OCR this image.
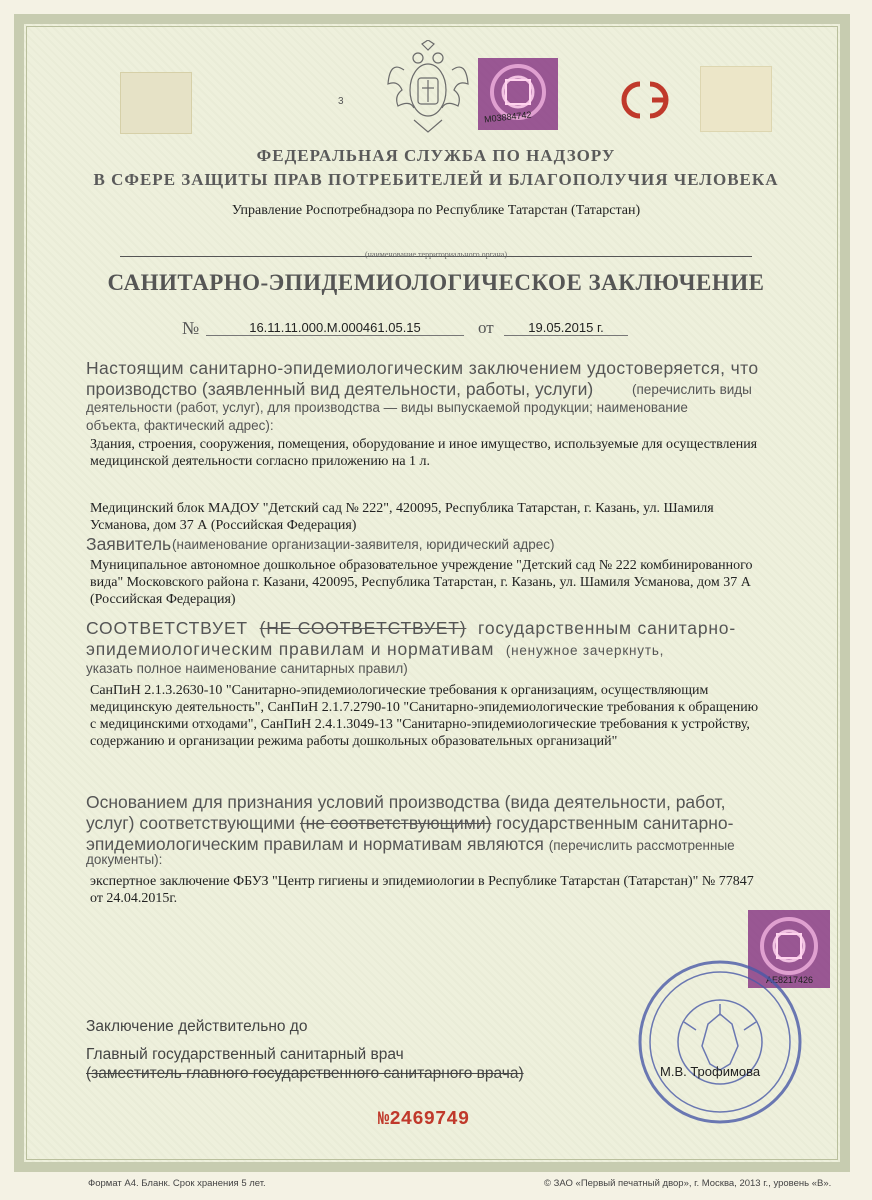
3
M03884742
ФЕДЕРАЛЬНАЯ СЛУЖБА ПО НАДЗОРУ
В СФЕРЕ ЗАЩИТЫ ПРАВ ПОТРЕБИТЕЛЕЙ И БЛАГОПОЛУЧИЯ ЧЕЛОВЕКА
Управление Роспотребнадзора по Республике Татарстан (Татарстан)
(наименование территориального органа)
САНИТАРНО-ЭПИДЕМИОЛОГИЧЕСКОЕ ЗАКЛЮЧЕНИЕ
№	16.11.11.000.М.000461.05.15	от	19.05.2015 г.
Настоящим санитарно-эпидемиологическим заключением удостоверяется, что
производство (заявленный вид деятельности, работы, услуги)	(перечислить виды
деятельности (работ, услуг), для производства — виды выпускаемой продукции; наименование
объекта, фактический адрес):
Здания, строения, сооружения, помещения, оборудование и иное имущество, используемые для осуществления
медицинской деятельности согласно приложению на 1 л.
Медицинский блок МАДОУ "Детский сад № 222", 420095, Республика Татарстан, г. Казань, ул. Шамиля
Усманова, дом 37 А (Российская Федерация)
Заявитель (наименование организации-заявителя, юридический адрес)
Муниципальное автономное дошкольное образовательное учреждение "Детский сад № 222 комбинированного
вида" Московского района г. Казани, 420095, Республика Татарстан, г. Казань, ул. Шамиля Усманова, дом 37 А
(Российская Федерация)
СООТВЕТСТВУЕТ (НЕ СООТВЕТСТВУЕТ) государственным санитарно-
эпидемиологическим правилам и нормативам (ненужное зачеркнуть,
указать полное наименование санитарных правил)
СанПиН 2.1.3.2630-10 "Санитарно-эпидемиологические требования к организациям, осуществляющим
медицинскую деятельность", СанПиН 2.1.7.2790-10 "Санитарно-эпидемиологические требования к обращению
с медицинскими отходами", СанПиН 2.4.1.3049-13 "Санитарно-эпидемиологические требования к устройству,
содержанию и организации режима работы дошкольных образовательных организаций"
Основанием для признания условий производства (вида деятельности, работ,
услуг) соответствующими (не соответствующими) государственным санитарно-
эпидемиологическим правилам и нормативам являются (перечислить рассмотренные
документы):
экспертное заключение ФБУЗ "Центр гигиены и эпидемиологии в Республике Татарстан (Татарстан)" № 77847
от 24.04.2015г.
AE8217426
Заключение действительно до
Главный государственный санитарный врач
(заместитель главного государственного санитарного врача)	М.В. Трофимова
№2469749
Формат А4. Бланк. Срок хранения 5 лет.	© ЗАО «Первый печатный двор», г. Москва, 2013 г., уровень «В».
